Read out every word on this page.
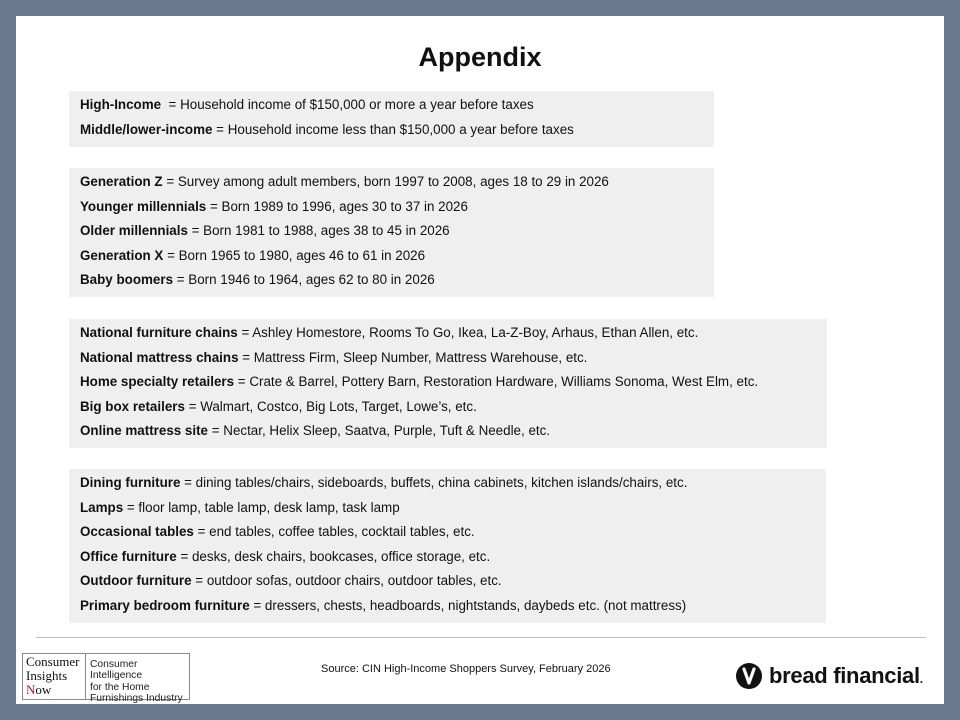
Appendix
High-Income  = Household income of $150,000 or more a year before taxes
Middle/lower-income = Household income less than $150,000 a year before taxes
Generation Z = Survey among adult members, born 1997 to 2008, ages 18 to 29 in 2026
Younger millennials = Born 1989 to 1996, ages 30 to 37 in 2026
Older millennials = Born 1981 to 1988, ages 38 to 45 in 2026
Generation X = Born 1965 to 1980, ages 46 to 61 in 2026
Baby boomers = Born 1946 to 1964, ages 62 to 80 in 2026
National furniture chains = Ashley Homestore, Rooms To Go, Ikea, La-Z-Boy, Arhaus, Ethan Allen, etc.
National mattress chains = Mattress Firm, Sleep Number, Mattress Warehouse, etc.
Home specialty retailers = Crate & Barrel, Pottery Barn, Restoration Hardware, Williams Sonoma, West Elm, etc.
Big box retailers = Walmart, Costco, Big Lots, Target, Lowe’s, etc.
Online mattress site = Nectar, Helix Sleep, Saatva, Purple, Tuft & Needle, etc.
Dining furniture = dining tables/chairs, sideboards, buffets, china cabinets, kitchen islands/chairs, etc.
Lamps = floor lamp, table lamp, desk lamp, task lamp
Occasional tables = end tables, coffee tables, cocktail tables, etc.
Office furniture = desks, desk chairs, bookcases, office storage, etc.
Outdoor furniture = outdoor sofas, outdoor chairs, outdoor tables, etc.
Primary bedroom furniture = dressers, chests, headboards, nightstands, daybeds etc. (not mattress)
Consumer
Insights
Now
Consumer Intelligence
for the Home
Furnishings Industry
Source: CIN High-Income Shoppers Survey, February 2026	bread financial.
